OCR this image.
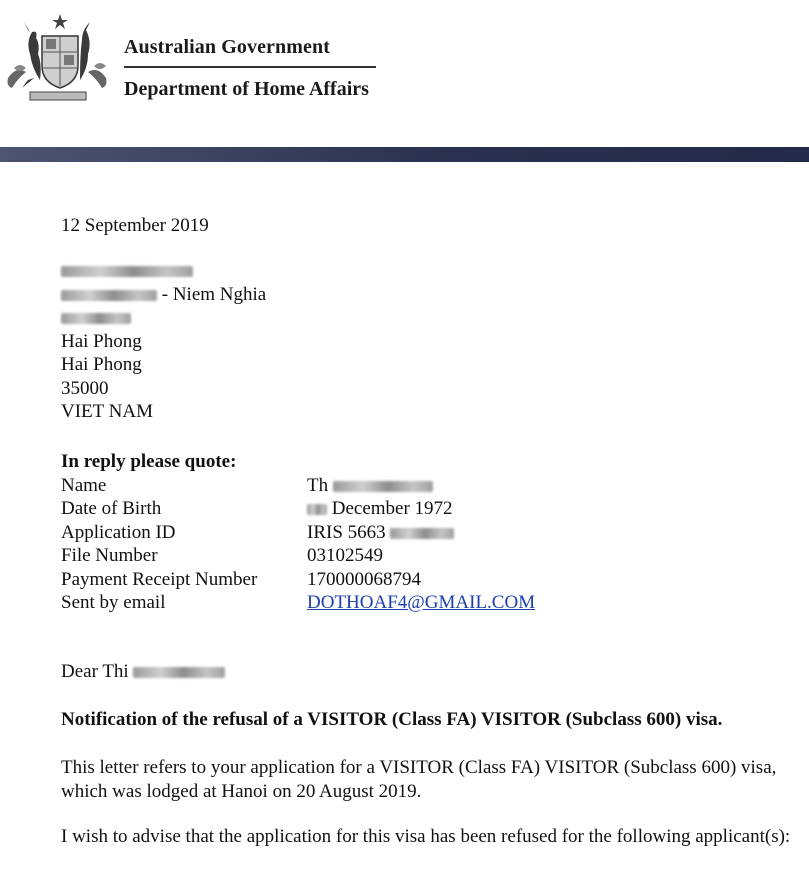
Australian Government
Department of Home Affairs
12 September 2019
- Niem Nghia
Hai Phong
Hai Phong
35000
VIET NAM
In reply please quote:
Name	Th
Date of Birth	December 1972
Application ID	IRIS 5663
File Number	03102549
Payment Receipt Number	170000068794
Sent by email	DOTHOAF4@GMAIL.COM
Dear Thi
Notification of the refusal of a VISITOR (Class FA) VISITOR (Subclass 600) visa.
This letter refers to your application for a VISITOR (Class FA) VISITOR (Subclass 600) visa, which was lodged at Hanoi on 20 August 2019.
I wish to advise that the application for this visa has been refused for the following applicant(s):
